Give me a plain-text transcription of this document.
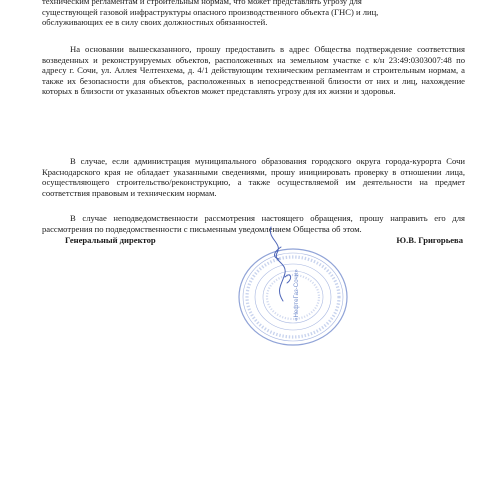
техническим регламентам и строительным нормам, что может представлять угрозу для
существующей газовой инфраструктуры опасного производственного объекта (ГНС) и лиц,
обслуживающих ее в силу своих должностных обязанностей.

На основании вышесказанного, прошу предоставить в адрес Общества подтверждение соответствия возведенных и реконструируемых объектов, расположенных на земельном участке с к/н 23:49:0303007:48 по адресу г. Сочи, ул. Аллея Челтенхема, д. 4/1 действующим техническим регламентам и строительным нормам, а также их безопасности для объектов, расположенных в непосредственной близости от них и лиц, нахождение которых в близости от указанных объектов может представлять угрозу для их жизни и здоровья.

В случае, если администрация муниципального образования городского округа города-курорта Сочи Краснодарского края не обладает указанными сведениями, прошу инициировать проверку в отношении лица, осуществляющего строительство/реконструкцию, а также осуществляемой им деятельности на предмет соответствия правовым и техническим нормам.

В случае неподведомственности рассмотрения настоящего обращения, прошу направить его для рассмотрения по подведомственности с письменным уведомлением Общества об этом.

Генеральный директор	Ю.В. Григорьева
«НефтеГаз-Сочи»
